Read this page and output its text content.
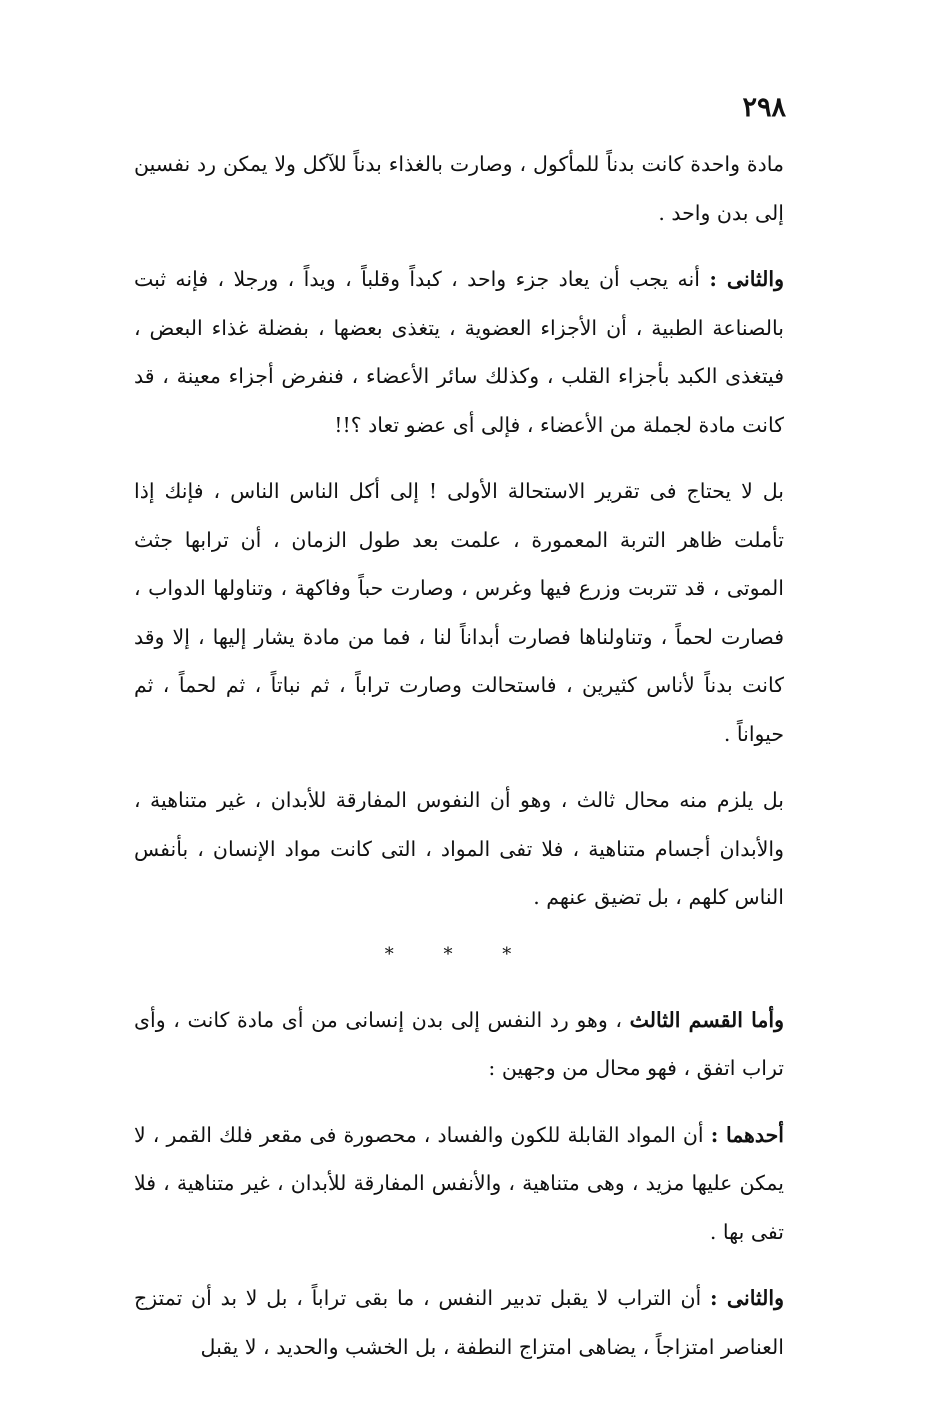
٢٩٨

مادة واحدة كانت بدناً للمأكول ، وصارت بالغذاء بدناً للآكل ولا يمكن رد نفسين إلى بدن واحد .

والثانى : أنه يجب أن يعاد جزء واحد ، كبداً وقلباً ، ويداً ، ورجلا ، فإنه ثبت بالصناعة الطبية ، أن الأجزاء العضوية ، يتغذى بعضها ، بفضلة غذاء البعض ، فيتغذى الكبد بأجزاء القلب ، وكذلك سائر الأعضاء ، فنفرض أجزاء معينة ، قد كانت مادة لجملة من الأعضاء ، فإلى أى عضو تعاد ؟!!

بل لا يحتاج فى تقرير الاستحالة الأولى ! إلى أكل الناس الناس ، فإنك إذا تأملت ظاهر التربة المعمورة ، علمت بعد طول الزمان ، أن ترابها جثث الموتى ، قد تتربت وزرع فيها وغرس ، وصارت حباً وفاكهة ، وتناولها الدواب ، فصارت لحماً ، وتناولناها فصارت أبداناً لنا ، فما من مادة يشار إليها ، إلا وقد كانت بدناً لأناس كثيرين ، فاستحالت وصارت تراباً ، ثم نباتاً ، ثم لحماً ، ثم حيواناً .

بل يلزم منه محال ثالث ، وهو أن النفوس المفارقة للأبدان ، غير متناهية ، والأبدان أجسام متناهية ، فلا تفى المواد ، التى كانت مواد الإنسان ، بأنفس الناس كلهم ، بل تضيق عنهم .

* * *

وأما القسم الثالث ، وهو رد النفس إلى بدن إنسانى من أى مادة كانت ، وأى تراب اتفق ، فهو محال من وجهين :

أحدهما : أن المواد القابلة للكون والفساد ، محصورة فى مقعر فلك القمر ، لا يمكن عليها مزيد ، وهى متناهية ، والأنفس المفارقة للأبدان ، غير متناهية ، فلا تفى بها .

والثانى : أن التراب لا يقبل تدبير النفس ، ما بقى تراباً ، بل لا بد أن تمتزج العناصر امتزاجاً ، يضاهى امتزاج النطفة ، بل الخشب والحديد ، لا يقبل
